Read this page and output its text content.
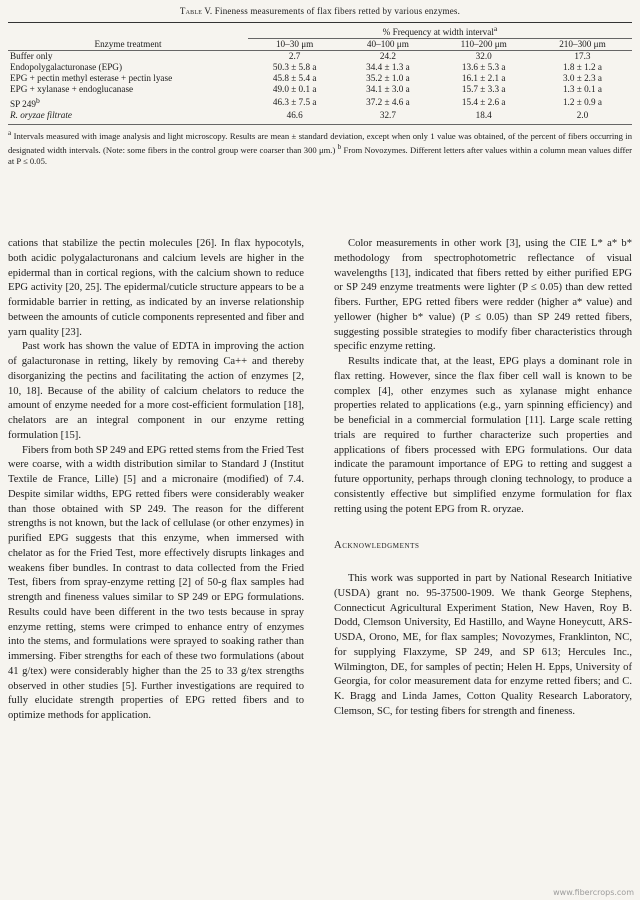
Table V. Fineness measurements of flax fibers retted by various enzymes.
	% Frequency at width interval$^a$
Enzyme treatment	10–30 μm	40–100 μm	110–200 μm	210–300 μm
Buffer only	2.7	24.2	32.0	17.3
Endopolygalacturonase (EPG)	50.3 ± 5.8 a	34.4 ± 1.3 a	13.6 ± 5.3 a	1.8 ± 1.2 a
EPG + pectin methyl esterase + pectin lyase	45.8 ± 5.4 a	35.2 ± 1.0 a	16.1 ± 2.1 a	3.0 ± 2.3 a
EPG + xylanase + endoglucanase	49.0 ± 0.1 a	34.1 ± 3.0 a	15.7 ± 3.3 a	1.3 ± 0.1 a
SP 249$^b$	46.3 ± 7.5 a	37.2 ± 4.6 a	15.4 ± 2.6 a	1.2 ± 0.9 a
R. oryzae filtrate	46.6	32.7	18.4	2.0
$^a$ Intervals measured with image analysis and light microscopy. Results are mean ± standard deviation, except when only 1 value was obtained, of the percent of fibers occurring in designated width intervals. (Note: some fibers in the control group were coarser than 300 μm.) $^b$ From Novozymes. Different letters after values within a column mean values differ at P ≤ 0.05.

cations that stabilize the pectin molecules [26]. In flax hypocotyls, both acidic polygalacturonans and calcium levels are higher in the epidermal than in cortical regions, with the calcium shown to reduce EPG activity [20, 25]. The epidermal/cuticle structure appears to be a formidable barrier in retting, as indicated by an inverse relationship between the amounts of cuticle components represented and fiber and yarn quality [23].

Past work has shown the value of EDTA in improving the action of galacturonase in retting, likely by removing Ca++ and thereby disorganizing the pectins and facilitating the action of enzymes [2, 10, 18]. Because of the ability of calcium chelators to reduce the amount of enzyme needed for a more cost-efficient formulation [18], chelators are an integral component in our enzyme retting formulation [15].

Fibers from both SP 249 and EPG retted stems from the Fried Test were coarse, with a width distribution similar to Standard J (Institut Textile de France, Lille) [5] and a micronaire (modified) of 7.4. Despite similar widths, EPG retted fibers were considerably weaker than those obtained with SP 249. The reason for the different strengths is not known, but the lack of cellulase (or other enzymes) in purified EPG suggests that this enzyme, when immersed with chelator as for the Fried Test, more effectively disrupts linkages and weakens fiber bundles. In contrast to data collected from the Fried Test, fibers from spray-enzyme retting [2] of 50-g flax samples had strength and fineness values similar to SP 249 or EPG formulations. Results could have been different in the two tests because in spray enzyme retting, stems were crimped to enhance entry of enzymes into the stems, and formulations were sprayed to soaking rather than immersing. Fiber strengths for each of these two formulations (about 41 g/tex) were considerably higher than the 25 to 33 g/tex strengths observed in other studies [5]. Further investigations are required to fully elucidate strength properties of EPG retted fibers and to optimize methods for application.

Color measurements in other work [3], using the CIE L* a* b* methodology from spectrophotometric reflectance of visual wavelengths [13], indicated that fibers retted by either purified EPG or SP 249 enzyme treatments were lighter (P ≤ 0.05) than dew retted fibers. Further, EPG retted fibers were redder (higher a* value) and yellower (higher b* value) (P ≤ 0.05) than SP 249 retted fibers, suggesting possible strategies to modify fiber characteristics through specific enzyme retting.

Results indicate that, at the least, EPG plays a dominant role in flax retting. However, since the flax fiber cell wall is known to be complex [4], other enzymes such as xylanase might enhance properties related to applications (e.g., yarn spinning efficiency) and be beneficial in a commercial formulation [11]. Large scale retting trials are required to further characterize such properties and applications of fibers processed with EPG formulations. Our data indicate the paramount importance of EPG to retting and suggest a future opportunity, perhaps through cloning technology, to produce a consistently effective but simplified enzyme formulation for flax retting using the potent EPG from R. oryzae.

Acknowledgments

This work was supported in part by National Research Initiative (USDA) grant no. 95-37500-1909. We thank George Stephens, Connecticut Agricultural Experiment Station, New Haven, Roy B. Dodd, Clemson University, Ed Hastillo, and Wayne Honeycutt, ARS-USDA, Orono, ME, for flax samples; Novozymes, Franklinton, NC, for supplying Flaxzyme, SP 249, and SP 613; Hercules Inc., Wilmington, DE, for samples of pectin; Helen H. Epps, University of Georgia, for color measurement data for enzyme retted fibers; and C. K. Bragg and Linda James, Cotton Quality Research Laboratory, Clemson, SC, for testing fibers for strength and fineness.

www.fibercrops.com
